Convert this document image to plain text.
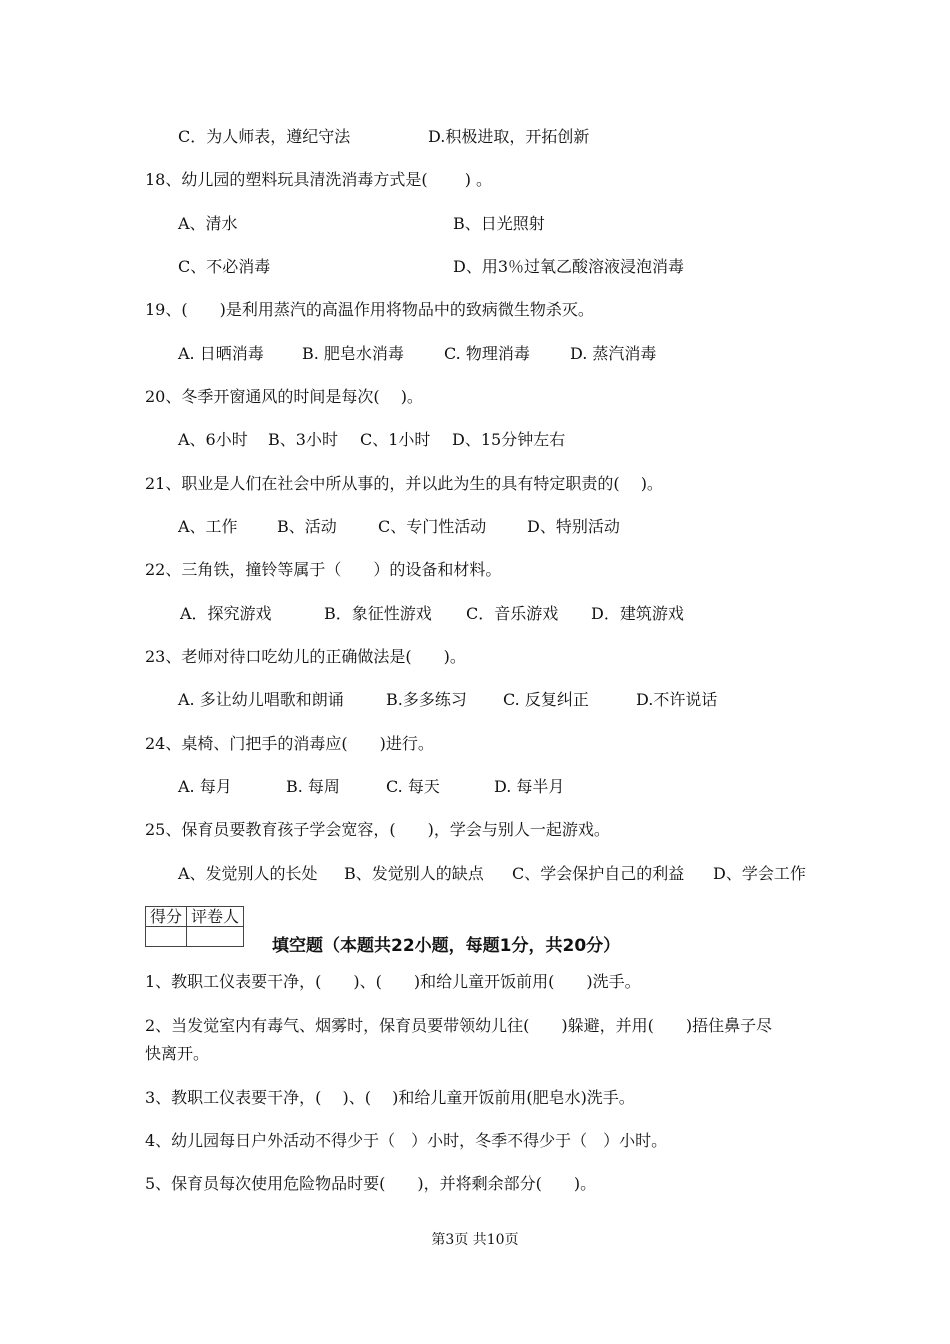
C．为人师表，遵纪守法	D.积极进取，开拓创新
18、幼儿园的塑料玩具清洗消毒方式是(　　 ) 。
A、清水	B、日光照射
C、不必消毒	D、用3％过氧乙酸溶液浸泡消毒
19、(　　)是利用蒸汽的高温作用将物品中的致病微生物杀灭。
A. 日晒消毒 B. 肥皂水消毒	C. 物理消毒	D. 蒸汽消毒
20、冬季开窗通风的时间是每次(　 )。
A、6小时 B、3小时 C、1小时 D、15分钟左右
21、职业是人们在社会中所从事的，并以此为生的具有特定职责的(　 )。
A、工作 B、活动	C、专门性活动	D、特别活动
22、三角铁，撞铃等属于（　　）的设备和材料。
A．探究游戏	B．象征性游戏 C．音乐游戏 D．建筑游戏
23、老师对待口吃幼儿的正确做法是(　　)。
A. 多让幼儿唱歌和朗诵	B.多多练习 C. 反复纠正	D.不许说话
24、桌椅、门把手的消毒应(　　)进行。
A. 每月	B. 每周	C. 每天	D. 每半月
25、保育员要教育孩子学会宽容，(　　)，学会与别人一起游戏。
A、发觉别人的长处 B、发觉别人的缺点 C、学会保护自己的利益 D、学会工作
得分	评卷人

填空题（本题共22小题，每题1分，共20分）
1、教职工仪表要干净，(　　)、(　　)和给儿童开饭前用(　　)洗手。
2、当发觉室内有毒气、烟雾时，保育员要带领幼儿往(　　)躲避，并用(　　)捂住鼻子尽
快离开。
3、教职工仪表要干净，(　 )、(　 )和给儿童开饭前用(肥皂水)洗手。
4、幼儿园每日户外活动不得少于（　）小时，冬季不得少于（　）小时。
5、保育员每次使用危险物品时要(　　)，并将剩余部分(　　)。
第3页 共10页
